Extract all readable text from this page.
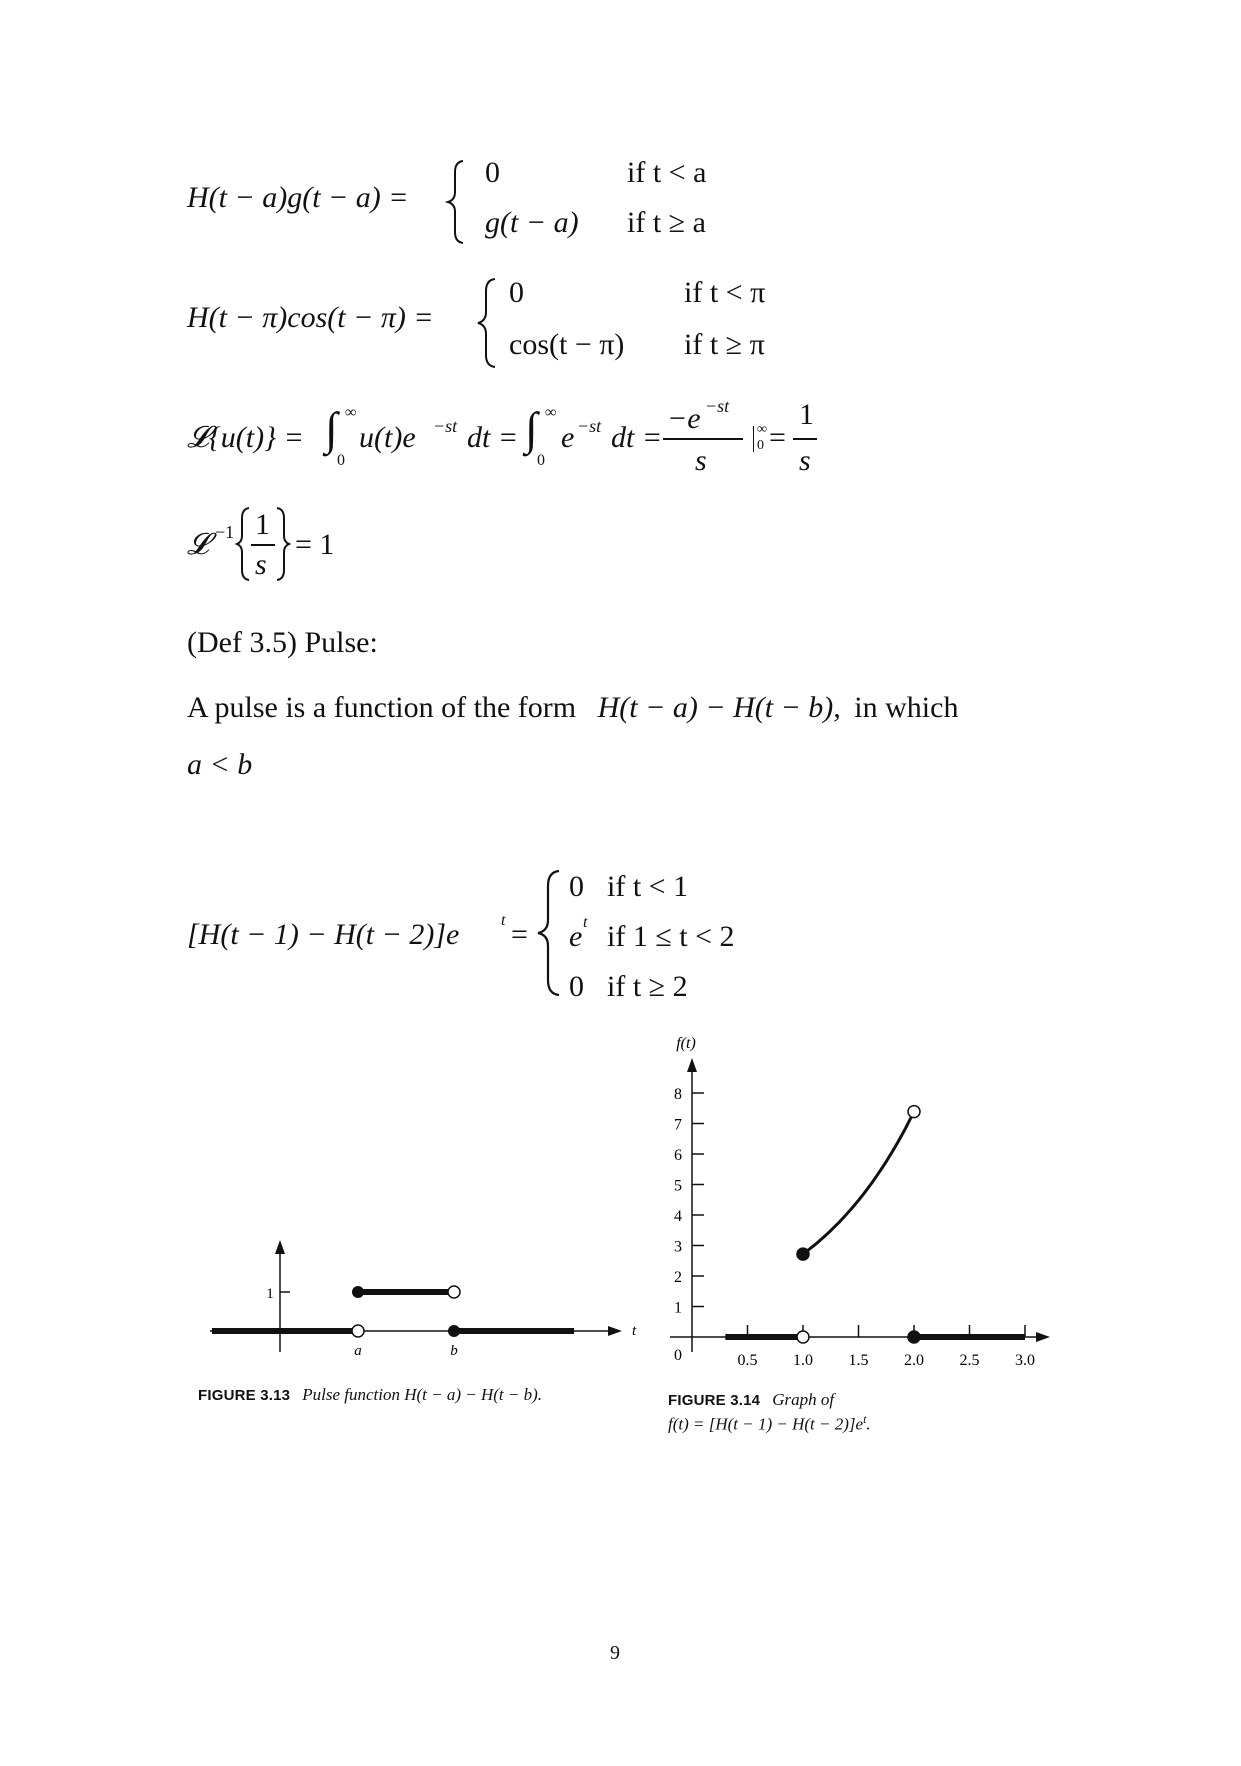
H(t − a)g(t − a) =
0	if t < a
g(t − a) if t ≥ a
H(t − π)cos(t − π) =
0	if t < π
cos(t − π) if t ≥ π
𝓛{u(t)} = ∫ ∞
0
u(t)e −st dt = ∫ ∞
0
e −st dt =
−e −st
s
∞
0 =
1
s
𝓛 −1 1
s
= 1
(Def 3.5) Pulse:
A pulse is a function of the form H(t − a) − H(t − b), in which
a < b
[H(t − 1) − H(t − 2)]e	t =
0 if t < 1
e t if 1 ≤ t < 2
0 if t ≥ 2
1
a	b
t
FIGURE 3.13 Pulse function H(t − a) − H(t − b).
f(t)
0	0.5 1.0 1.5 2.0 2.5 3.0
1
2
3
4
5
6
7
8
FIGURE 3.14 Graph of
$f(t) = [H(t - 1) - H(t - 2)]e^t$.
9
